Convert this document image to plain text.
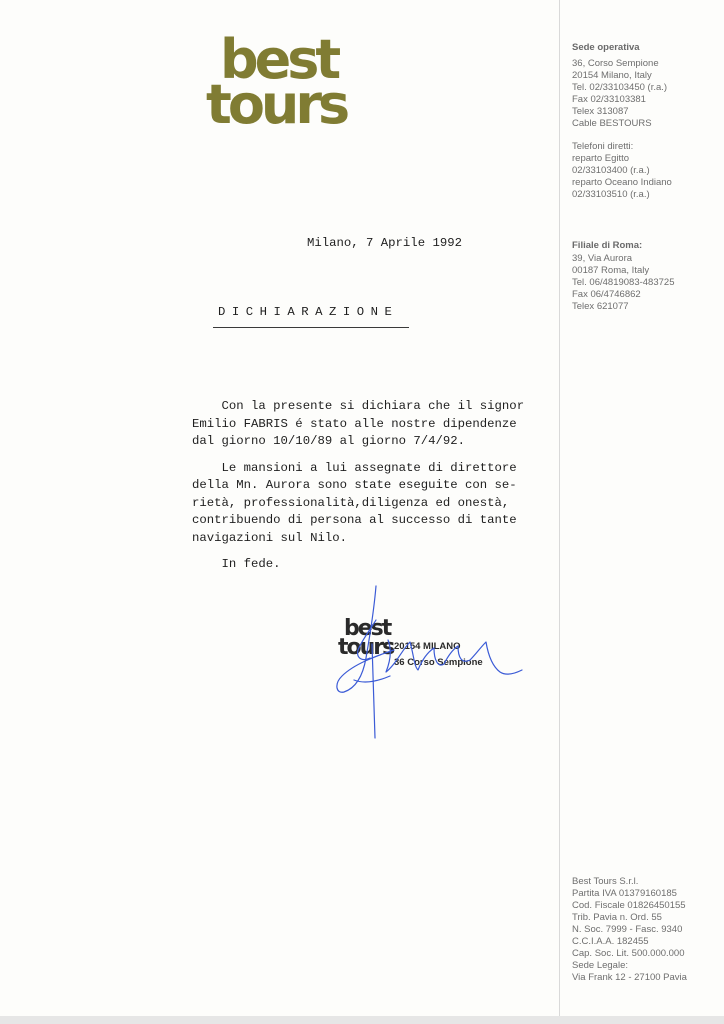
best
tours
Sede operativa
36, Corso Sempione
20154 Milano, Italy
Tel. 02/33103450 (r.a.)
Fax 02/33103381
Telex 313087
Cable BESTOURS
Telefoni diretti:
reparto Egitto
02/33103400 (r.a.)
reparto Oceano Indiano
02/33103510 (r.a.)
Filiale di Roma:
39, Via Aurora
00187 Roma, Italy
Tel. 06/4819083-483725
Fax 06/4746862
Telex 621077
Best Tours S.r.l.
Partita IVA 01379160185
Cod. Fiscale 01826450155
Trib. Pavia n. Ord. 55
N. Soc. 7999 - Fasc. 9340
C.C.I.A.A. 182455
Cap. Soc. Lit. 500.000.000
Sede Legale:
Via Frank 12 - 27100 Pavia
Milano, 7 Aprile 1992
DICHIARAZIONE
Con la presente si dichiara che il signor
Emilio FABRIS é stato alle nostre dipendenze
dal giorno 10/10/89 al giorno 7/4/92.
Le mansioni a lui assegnate di direttore
della Mn. Aurora sono state eseguite con se-
rietà, professionalità,diligenza ed onestà,
contribuendo di persona al successo di tante
navigazioni sul Nilo.
In fede.
best
tours 20154 MILANO
36 Corso Sempione
